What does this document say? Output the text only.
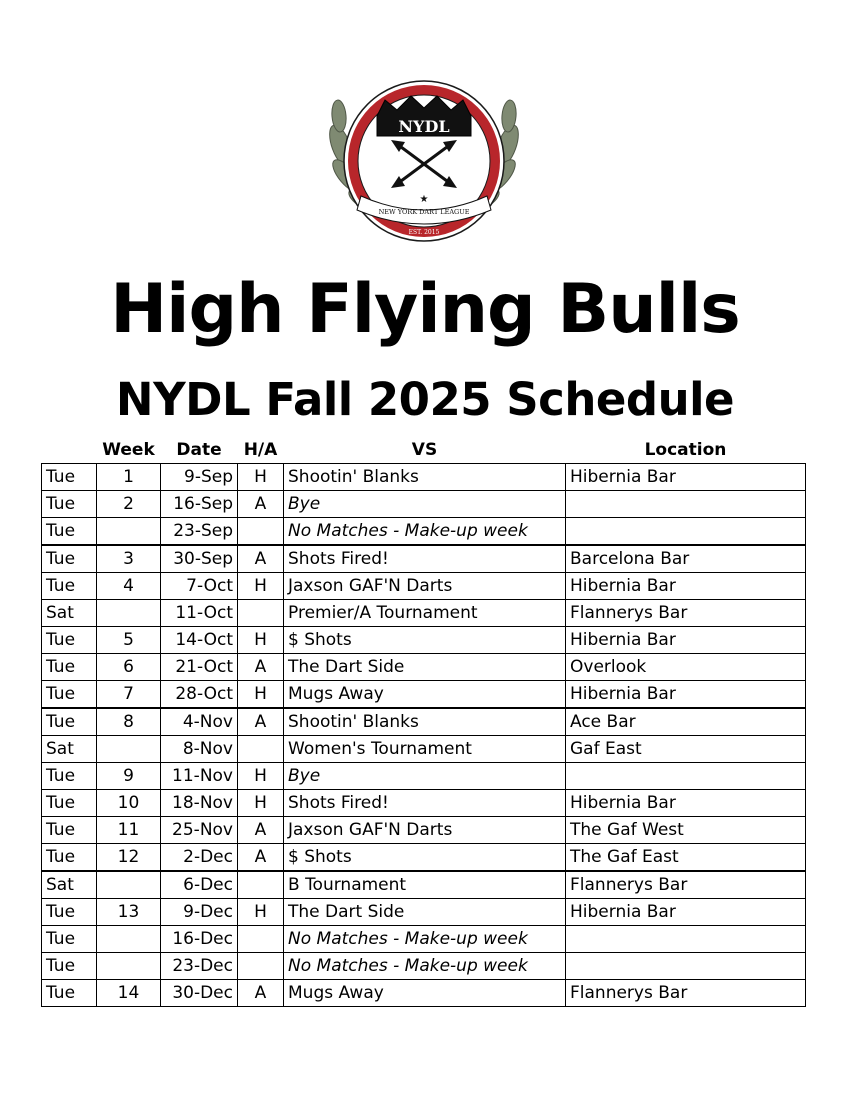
NYDL
NEW YORK DART LEAGUE
★
EST. 2015
High Flying Bulls
NYDL Fall 2025 Schedule
	Week	Date	H/A	VS	Location
Tue	1	9-Sep	H	Shootin' Blanks	Hibernia Bar
Tue	2	16-Sep	A	Bye	
Tue		23-Sep		No Matches - Make-up week	
Tue	3	30-Sep	A	Shots Fired!	Barcelona Bar
Tue	4	7-Oct	H	Jaxson GAF'N Darts	Hibernia Bar
Sat		11-Oct		Premier/A Tournament	Flannerys Bar
Tue	5	14-Oct	H	$ Shots	Hibernia Bar
Tue	6	21-Oct	A	The Dart Side	Overlook
Tue	7	28-Oct	H	Mugs Away	Hibernia Bar
Tue	8	4-Nov	A	Shootin' Blanks	Ace Bar
Sat		8-Nov		Women's Tournament	Gaf East
Tue	9	11-Nov	H	Bye	
Tue	10	18-Nov	H	Shots Fired!	Hibernia Bar
Tue	11	25-Nov	A	Jaxson GAF'N Darts	The Gaf West
Tue	12	2-Dec	A	$ Shots	The Gaf East
Sat		6-Dec		B Tournament	Flannerys Bar
Tue	13	9-Dec	H	The Dart Side	Hibernia Bar
Tue		16-Dec		No Matches - Make-up week	
Tue		23-Dec		No Matches - Make-up week	
Tue	14	30-Dec	A	Mugs Away	Flannerys Bar
